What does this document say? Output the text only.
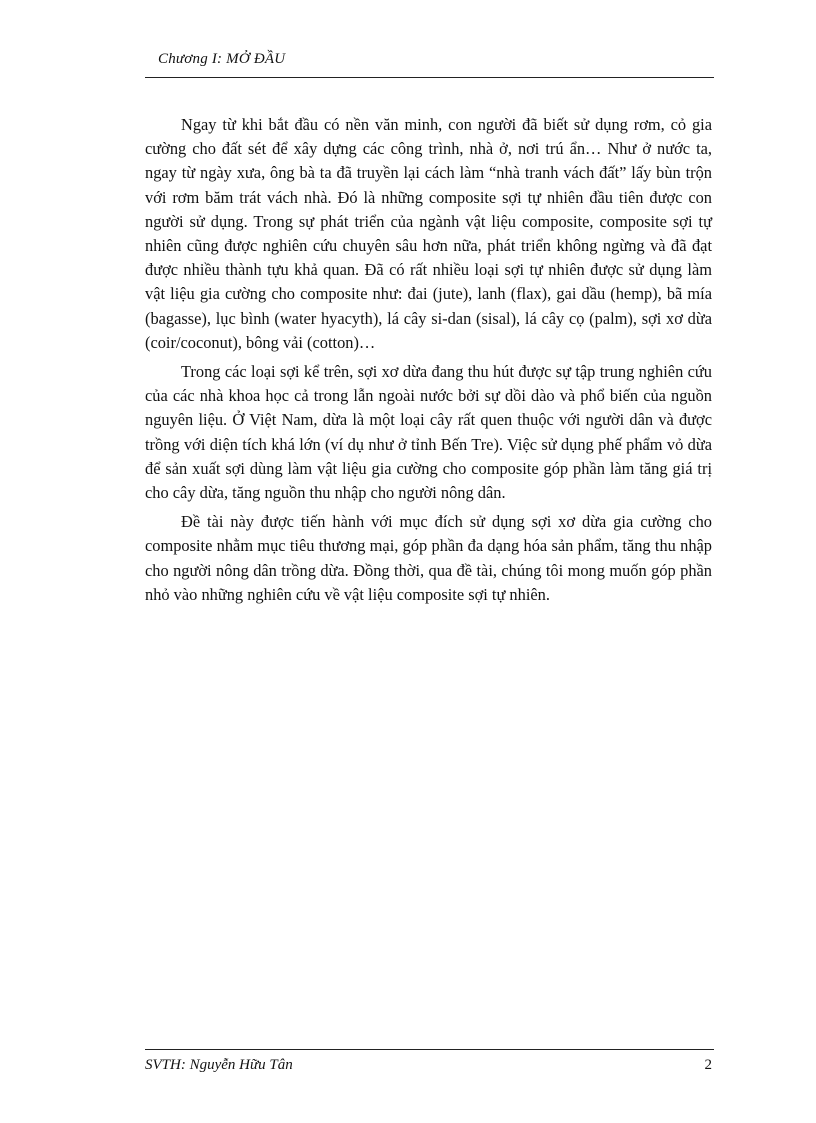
Chương I: MỞ ĐẦU

Ngay từ khi bắt đầu có nền văn minh, con người đã biết sử dụng rơm, cỏ gia cường cho đất sét để xây dựng các công trình, nhà ở, nơi trú ẩn… Như ở nước ta, ngay từ ngày xưa, ông bà ta đã truyền lại cách làm “nhà tranh vách đất” lấy bùn trộn với rơm băm trát vách nhà. Đó là những composite sợi tự nhiên đầu tiên được con người sử dụng. Trong sự phát triển của ngành vật liệu composite, composite sợi tự nhiên cũng được nghiên cứu chuyên sâu hơn nữa, phát triển không ngừng và đã đạt được nhiều thành tựu khả quan. Đã có rất nhiều loại sợi tự nhiên được sử dụng làm vật liệu gia cường cho composite như: đai (jute), lanh (flax), gai dầu (hemp), bã mía (bagasse), lục bình (water hyacyth), lá cây si-dan (sisal), lá cây cọ (palm), sợi xơ dừa (coir/coconut), bông vải (cotton)…

Trong các loại sợi kể trên, sợi xơ dừa đang thu hút được sự tập trung nghiên cứu của các nhà khoa học cả trong lẫn ngoài nước bởi sự dồi dào và phổ biến của nguồn nguyên liệu. Ở Việt Nam, dừa là một loại cây rất quen thuộc với người dân và được trồng với diện tích khá lớn (ví dụ như ở tỉnh Bến Tre). Việc sử dụng phế phẩm vỏ dừa để sản xuất sợi dùng làm vật liệu gia cường cho composite góp phần làm tăng giá trị cho cây dừa, tăng nguồn thu nhập cho người nông dân.

Đề tài này được tiến hành với mục đích sử dụng sợi xơ dừa gia cường cho composite nhằm mục tiêu thương mại, góp phần đa dạng hóa sản phẩm, tăng thu nhập cho người nông dân trồng dừa. Đồng thời, qua đề tài, chúng tôi mong muốn góp phần nhỏ vào những nghiên cứu về vật liệu composite sợi tự nhiên.

SVTH: Nguyễn Hữu Tân	2
